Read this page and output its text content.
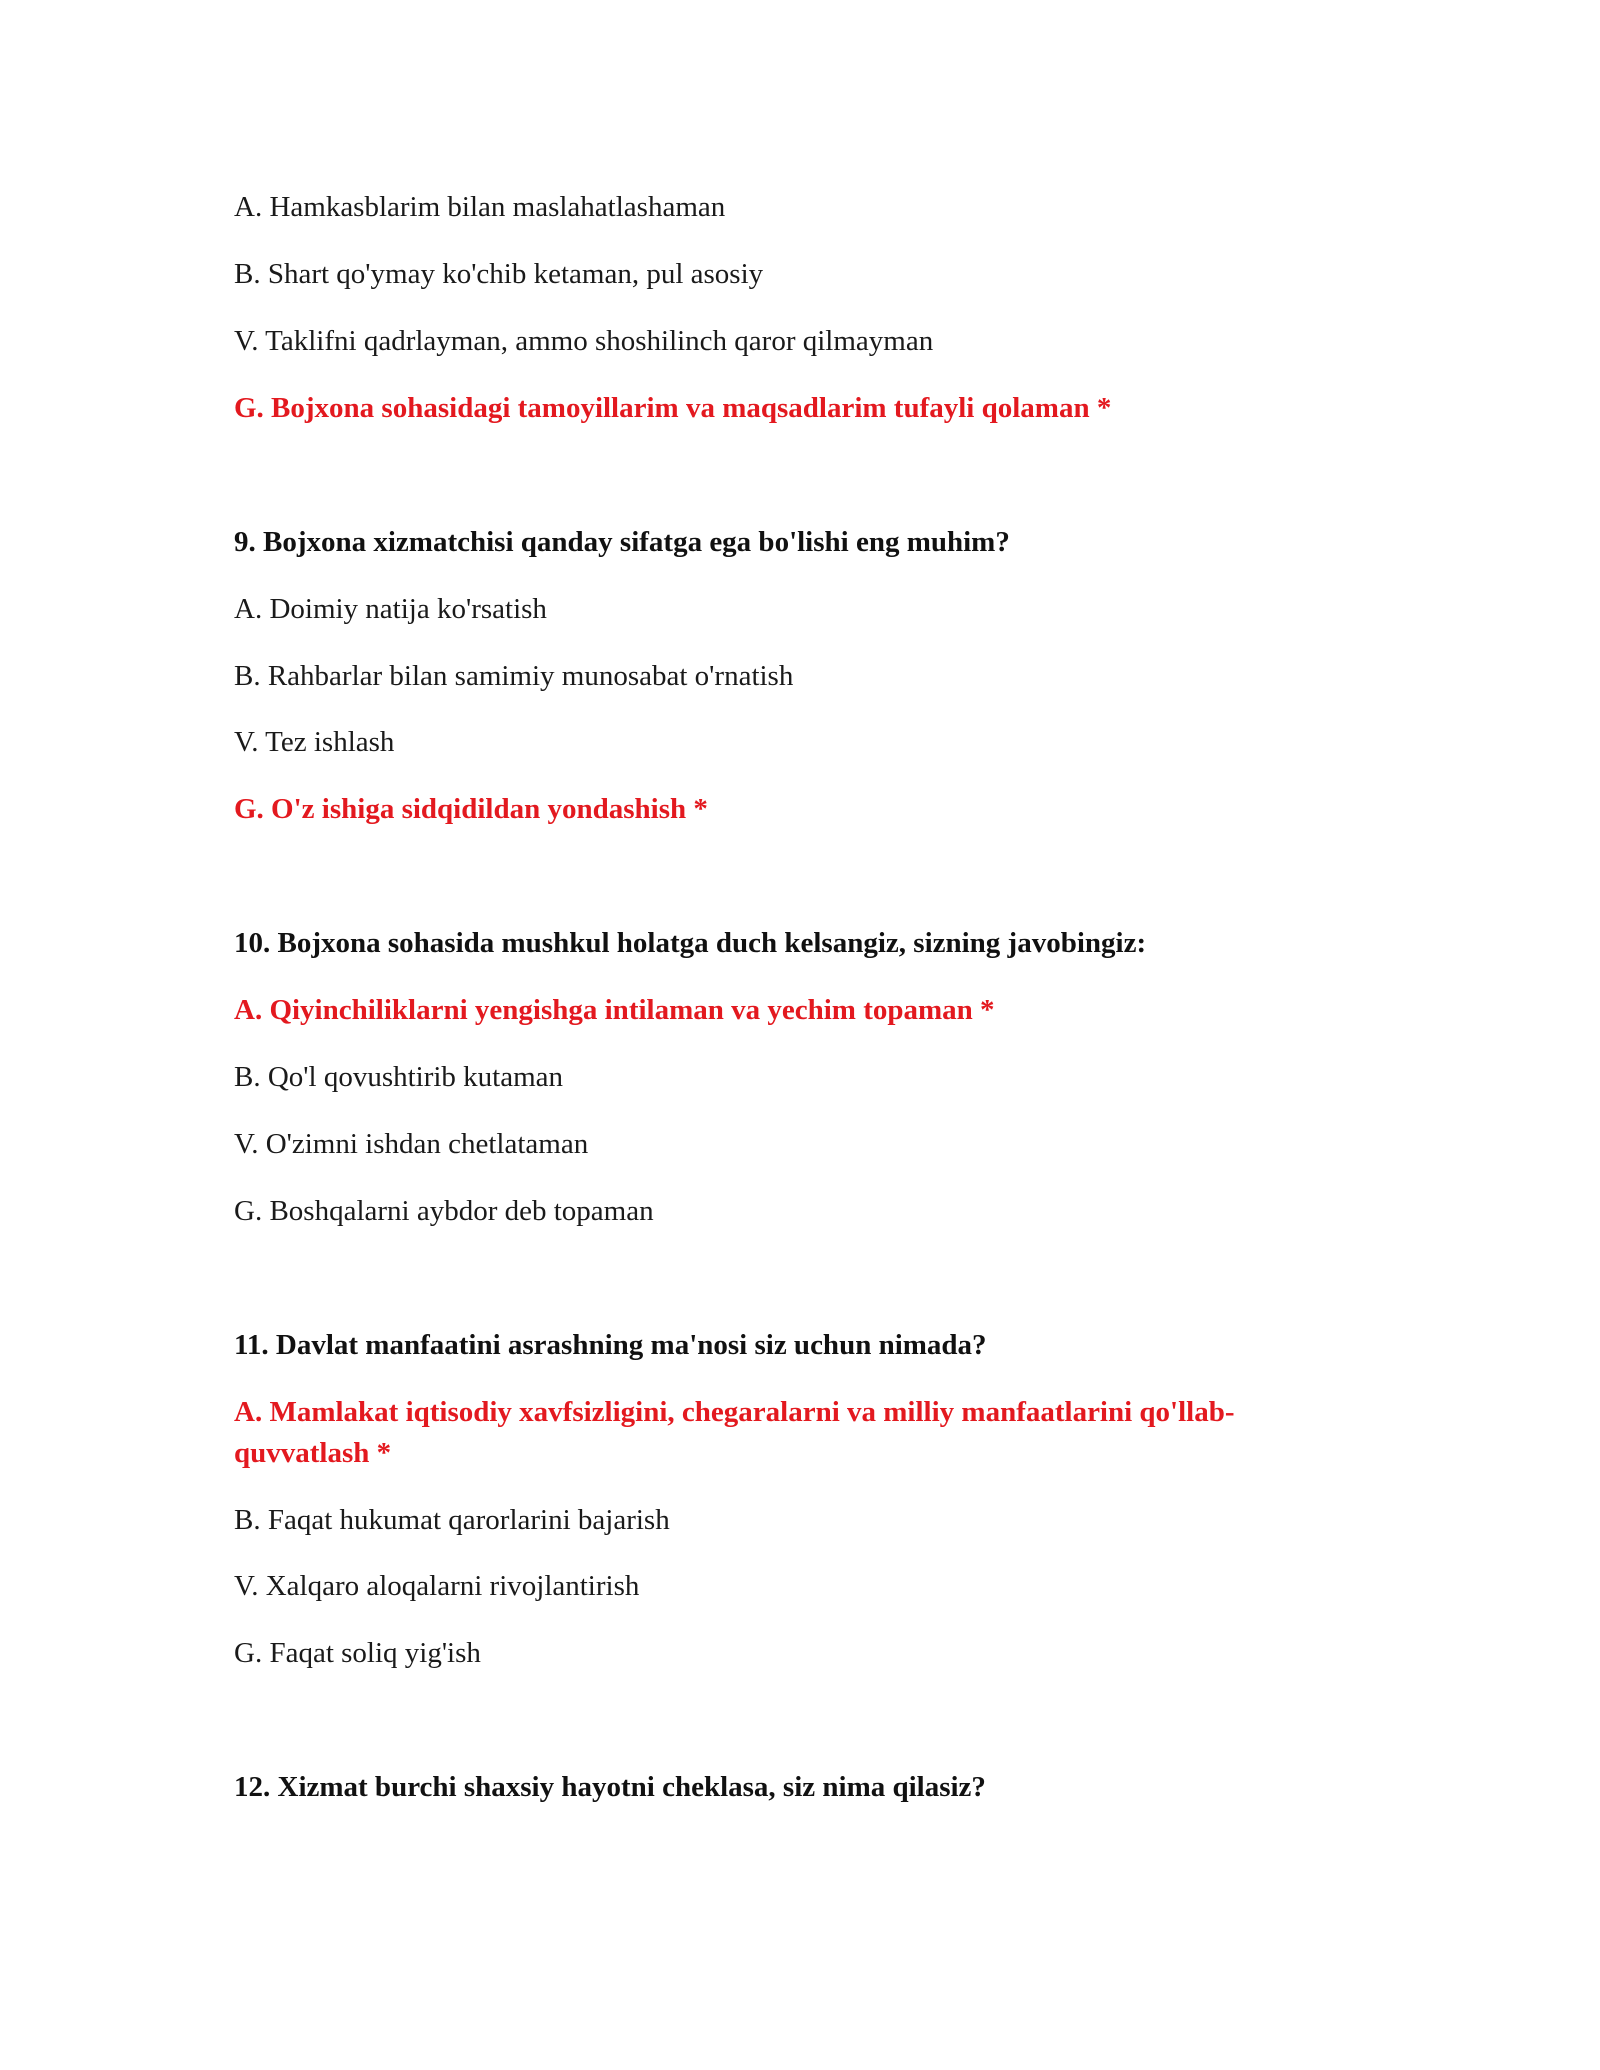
A. Hamkasblarim bilan maslahatlashaman

B. Shart qo'ymay ko'chib ketaman, pul asosiy

V. Taklifni qadrlayman, ammo shoshilinch qaror qilmayman

G. Bojxona sohasidagi tamoyillarim va maqsadlarim tufayli qolaman *

9. Bojxona xizmatchisi qanday sifatga ega bo'lishi eng muhim?

A. Doimiy natija ko'rsatish

B. Rahbarlar bilan samimiy munosabat o'rnatish

V. Tez ishlash

G. O'z ishiga sidqidildan yondashish *

10. Bojxona sohasida mushkul holatga duch kelsangiz, sizning javobingiz:

A. Qiyinchiliklarni yengishga intilaman va yechim topaman *

B. Qo'l qovushtirib kutaman

V. O'zimni ishdan chetlataman

G. Boshqalarni aybdor deb topaman

11. Davlat manfaatini asrashning ma'nosi siz uchun nimada?

A. Mamlakat iqtisodiy xavfsizligini, chegaralarni va milliy manfaatlarini qo'llab-quvvatlash *

B. Faqat hukumat qarorlarini bajarish

V. Xalqaro aloqalarni rivojlantirish

G. Faqat soliq yig'ish

12. Xizmat burchi shaxsiy hayotni cheklasa, siz nima qilasiz?
